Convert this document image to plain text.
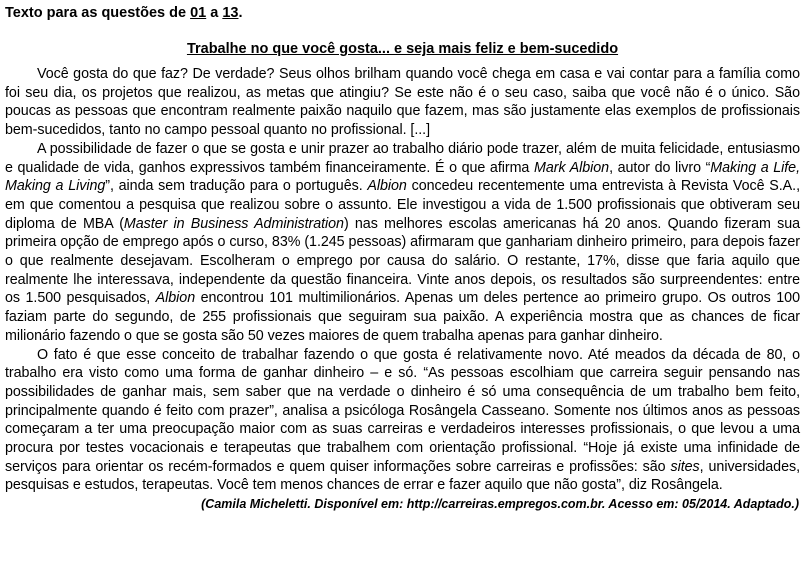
Texto para as questões de 01 a 13.

Trabalhe no que você gosta... e seja mais feliz e bem-sucedido

Você gosta do que faz? De verdade? Seus olhos brilham quando você chega em casa e vai contar para a família como foi seu dia, os projetos que realizou, as metas que atingiu? Se este não é o seu caso, saiba que você não é o único. São poucas as pessoas que encontram realmente paixão naquilo que fazem, mas são justamente elas exemplos de profissionais bem-sucedidos, tanto no campo pessoal quanto no profissional. [...]

A possibilidade de fazer o que se gosta e unir prazer ao trabalho diário pode trazer, além de muita felicidade, entusiasmo e qualidade de vida, ganhos expressivos também financeiramente. É o que afirma Mark Albion, autor do livro “Making a Life, Making a Living”, ainda sem tradução para o português. Albion concedeu recentemente uma entrevista à Revista Você S.A., em que comentou a pesquisa que realizou sobre o assunto. Ele investigou a vida de 1.500 profissionais que obtiveram seu diploma de MBA (Master in Business Administration) nas melhores escolas americanas há 20 anos. Quando fizeram sua primeira opção de emprego após o curso, 83% (1.245 pessoas) afirmaram que ganhariam dinheiro primeiro, para depois fazer o que realmente desejavam. Escolheram o emprego por causa do salário. O restante, 17%, disse que faria aquilo que realmente lhe interessava, independente da questão financeira. Vinte anos depois, os resultados são surpreendentes: entre os 1.500 pesquisados, Albion encontrou 101 multimilionários. Apenas um deles pertence ao primeiro grupo. Os outros 100 faziam parte do segundo, de 255 profissionais que seguiram sua paixão. A experiência mostra que as chances de ficar milionário fazendo o que se gosta são 50 vezes maiores de quem trabalha apenas para ganhar dinheiro.

O fato é que esse conceito de trabalhar fazendo o que gosta é relativamente novo. Até meados da década de 80, o trabalho era visto como uma forma de ganhar dinheiro – e só. “As pessoas escolhiam que carreira seguir pensando nas possibilidades de ganhar mais, sem saber que na verdade o dinheiro é só uma consequência de um trabalho bem feito, principalmente quando é feito com prazer”, analisa a psicóloga Rosângela Casseano. Somente nos últimos anos as pessoas começaram a ter uma preocupação maior com as suas carreiras e verdadeiros interesses profissionais, o que levou a uma procura por testes vocacionais e terapeutas que trabalhem com orientação profissional. “Hoje já existe uma infinidade de serviços para orientar os recém-formados e quem quiser informações sobre carreiras e profissões: são sites, universidades, pesquisas e estudos, terapeutas. Você tem menos chances de errar e fazer aquilo que não gosta”, diz Rosângela.

(Camila Micheletti. Disponível em: http://carreiras.empregos.com.br. Acesso em: 05/2014. Adaptado.)
